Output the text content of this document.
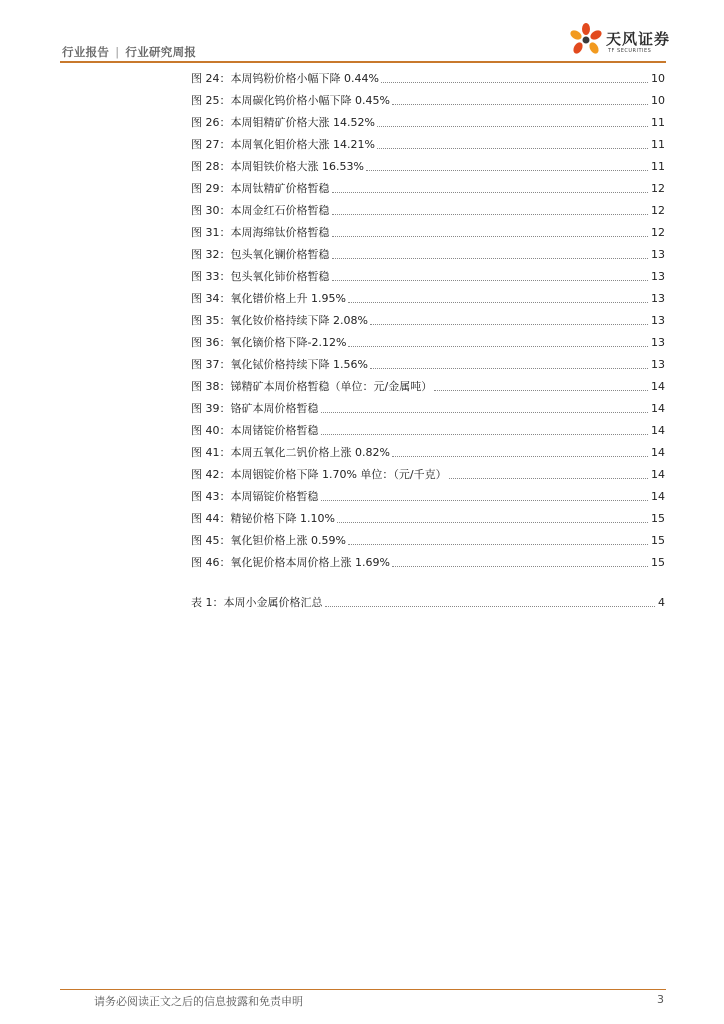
行业报告 | 行业研究周报
天风证券
TF SECURITIES
图 24：本周钨粉价格小幅下降 0.44%	10
图 25：本周碳化钨价格小幅下降 0.45%	10
图 26：本周钼精矿价格大涨 14.52%	11
图 27：本周氧化钼价格大涨 14.21%	11
图 28：本周钼铁价格大涨 16.53%	11
图 29：本周钛精矿价格暂稳	12
图 30：本周金红石价格暂稳	12
图 31：本周海绵钛价格暂稳	12
图 32：包头氧化镧价格暂稳	13
图 33：包头氧化铈价格暂稳	13
图 34：氧化镨价格上升 1.95%	13
图 35：氧化钕价格持续下降 2.08%	13
图 36：氧化镝价格下降-2.12%	13
图 37：氧化铽价格持续下降 1.56%	13
图 38：锑精矿本周价格暂稳（单位：元/金属吨）	14
图 39：铬矿本周价格暂稳	14
图 40：本周锗锭价格暂稳	14
图 41：本周五氧化二钒价格上涨 0.82%	14
图 42：本周铟锭价格下降 1.70% 单位：（元/千克）	14
图 43：本周镉锭价格暂稳	14
图 44：精铋价格下降 1.10%	15
图 45：氧化钽价格上涨 0.59%	15
图 46：氧化铌价格本周价格上涨 1.69%	15
表 1：本周小金属价格汇总	4
请务必阅读正文之后的信息披露和免责申明	3
